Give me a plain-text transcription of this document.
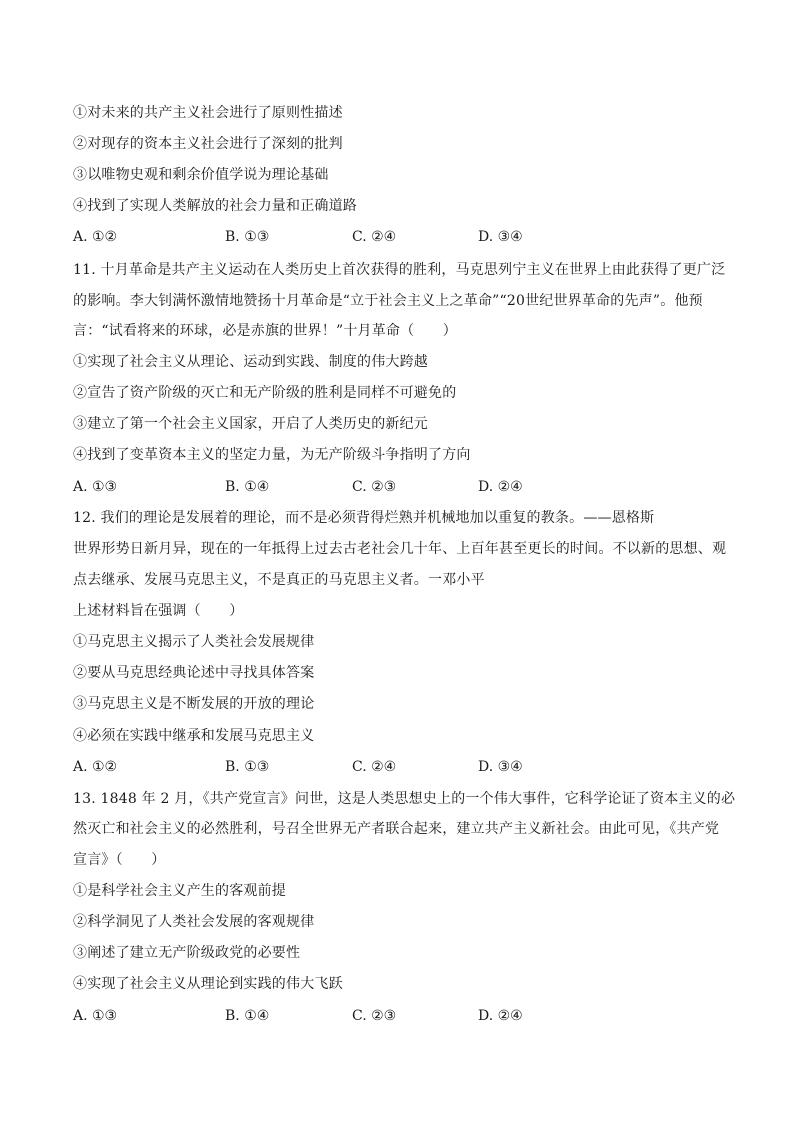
①对未来的共产主义社会进行了原则性描述
②对现存的资本主义社会进行了深刻的批判
③以唯物史观和剩余价值学说为理论基础
④找到了实现人类解放的社会力量和正确道路
A. ①②	B. ①③	C. ②④	D. ③④
11. 十月革命是共产主义运动在人类历史上首次获得的胜利，马克思列宁主义在世界上由此获得了更广泛
的影响。李大钊满怀激情地赞扬十月革命是“立于社会主义上之革命”“20世纪世界革命的先声”。他预
言：“试看将来的环球，必是赤旗的世界！”十月革命（　　）
①实现了社会主义从理论、运动到实践、制度的伟大跨越
②宣告了资产阶级的灭亡和无产阶级的胜利是同样不可避免的
③建立了第一个社会主义国家，开启了人类历史的新纪元
④找到了变革资本主义的坚定力量，为无产阶级斗争指明了方向
A. ①③	B. ①④	C. ②③	D. ②④
12. 我们的理论是发展着的理论，而不是必须背得烂熟并机械地加以重复的教条。——恩格斯
世界形势日新月异，现在的一年抵得上过去古老社会几十年、上百年甚至更长的时间。不以新的思想、观
点去继承、发展马克思主义，不是真正的马克思主义者。一邓小平
上述材料旨在强调（　　）
①马克思主义揭示了人类社会发展规律
②要从马克思经典论述中寻找具体答案
③马克思主义是不断发展的开放的理论
④必须在实践中继承和发展马克思主义
A. ①②	B. ①③	C. ②④	D. ③④
13. 1848 年 2 月，《共产党宣言》问世，这是人类思想史上的一个伟大事件，它科学论证了资本主义的必
然灭亡和社会主义的必然胜利，号召全世界无产者联合起来，建立共产主义新社会。由此可见，《共产党
宣言》（　　）
①是科学社会主义产生的客观前提
②科学洞见了人类社会发展的客观规律
③阐述了建立无产阶级政党的必要性
④实现了社会主义从理论到实践的伟大飞跃
A. ①③	B. ①④	C. ②③	D. ②④
